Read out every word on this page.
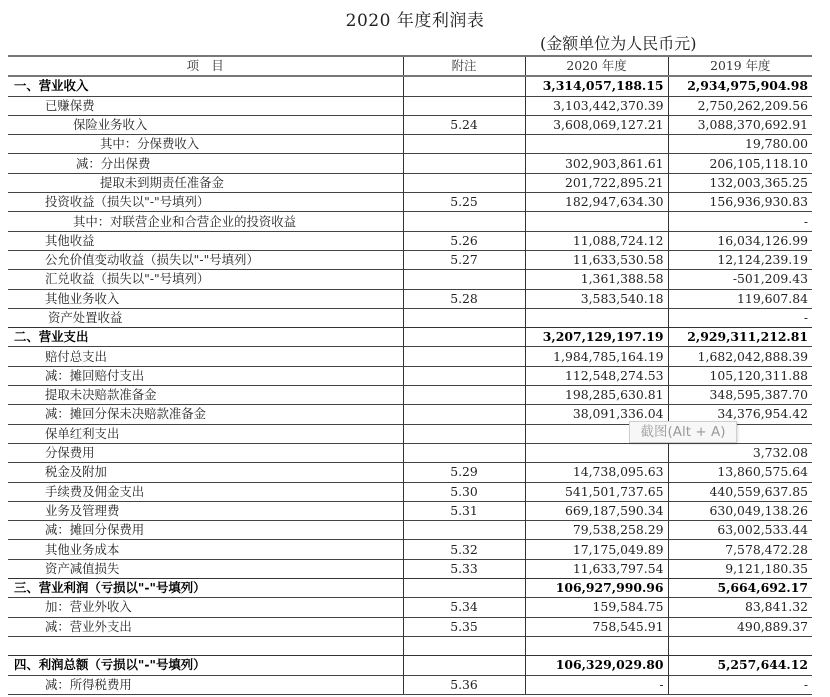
2020 年度利润表
(金额单位为人民币元)
项　目	附注	2020 年度	2019 年度
一、营业收入		3,314,057,188.15	2,934,975,904.98
已赚保费		3,103,442,370.39	2,750,262,209.56
保险业务收入	5.24	3,608,069,127.21	3,088,370,692.91
其中：分保费收入			19,780.00
减：分出保费		302,903,861.61	206,105,118.10
提取未到期责任准备金		201,722,895.21	132,003,365.25
投资收益（损失以"-"号填列）	5.25	182,947,634.30	156,936,930.83
其中：对联营企业和合营企业的投资收益			-
其他收益	5.26	11,088,724.12	16,034,126.99
公允价值变动收益（损失以"-"号填列）	5.27	11,633,530.58	12,124,239.19
汇兑收益（损失以"-"号填列）		1,361,388.58	-501,209.43
其他业务收入	5.28	3,583,540.18	119,607.84
资产处置收益			-
二、营业支出		3,207,129,197.19	2,929,311,212.81
赔付总支出		1,984,785,164.19	1,682,042,888.39
减：摊回赔付支出		112,548,274.53	105,120,311.88
提取未决赔款准备金		198,285,630.81	348,595,387.70
减：摊回分保未决赔款准备金		38,091,336.04	34,376,954.42
保单红利支出			
分保费用			3,732.08
税金及附加	5.29	14,738,095.63	13,860,575.64
手续费及佣金支出	5.30	541,501,737.65	440,559,637.85
业务及管理费	5.31	669,187,590.34	630,049,138.26
减：摊回分保费用		79,538,258.29	63,002,533.44
其他业务成本	5.32	17,175,049.89	7,578,472.28
资产减值损失	5.33	11,633,797.54	9,121,180.35
三、营业利润（亏损以"-"号填列）		106,927,990.96	5,664,692.17
加：营业外收入	5.34	159,584.75	83,841.32
减：营业外支出	5.35	758,545.91	490,889.37

四、利润总额（亏损以"-"号填列）		106,329,029.80	5,257,644.12
减：所得税费用	5.36	-	-
截图(Alt + A)
